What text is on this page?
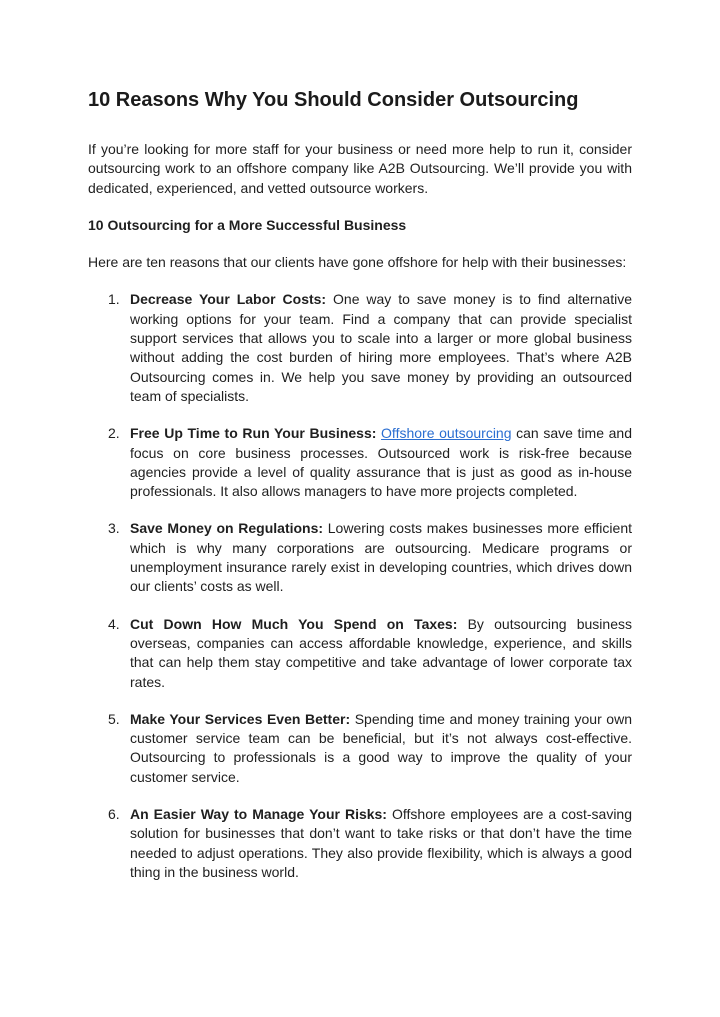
10 Reasons Why You Should Consider Outsourcing

If you’re looking for more staff for your business or need more help to run it, consider outsourcing work to an offshore company like A2B Outsourcing. We’ll provide you with dedicated, experienced, and vetted outsource workers.

10 Outsourcing for a More Successful Business

Here are ten reasons that our clients have gone offshore for help with their businesses:

1. Decrease Your Labor Costs: One way to save money is to find alternative working options for your team. Find a company that can provide specialist support services that allows you to scale into a larger or more global business without adding the cost burden of hiring more employees. That’s where A2B Outsourcing comes in. We help you save money by providing an outsourced team of specialists.
2. Free Up Time to Run Your Business: Offshore outsourcing can save time and focus on core business processes. Outsourced work is risk-free because agencies provide a level of quality assurance that is just as good as in-house professionals. It also allows managers to have more projects completed.
3. Save Money on Regulations: Lowering costs makes businesses more efficient which is why many corporations are outsourcing. Medicare programs or unemployment insurance rarely exist in developing countries, which drives down our clients’ costs as well.
4. Cut Down How Much You Spend on Taxes: By outsourcing business overseas, companies can access affordable knowledge, experience, and skills that can help them stay competitive and take advantage of lower corporate tax rates.
5. Make Your Services Even Better: Spending time and money training your own customer service team can be beneficial, but it’s not always cost-effective. Outsourcing to professionals is a good way to improve the quality of your customer service.
6. An Easier Way to Manage Your Risks: Offshore employees are a cost-saving solution for businesses that don’t want to take risks or that don’t have the time needed to adjust operations. They also provide flexibility, which is always a good thing in the business world.
